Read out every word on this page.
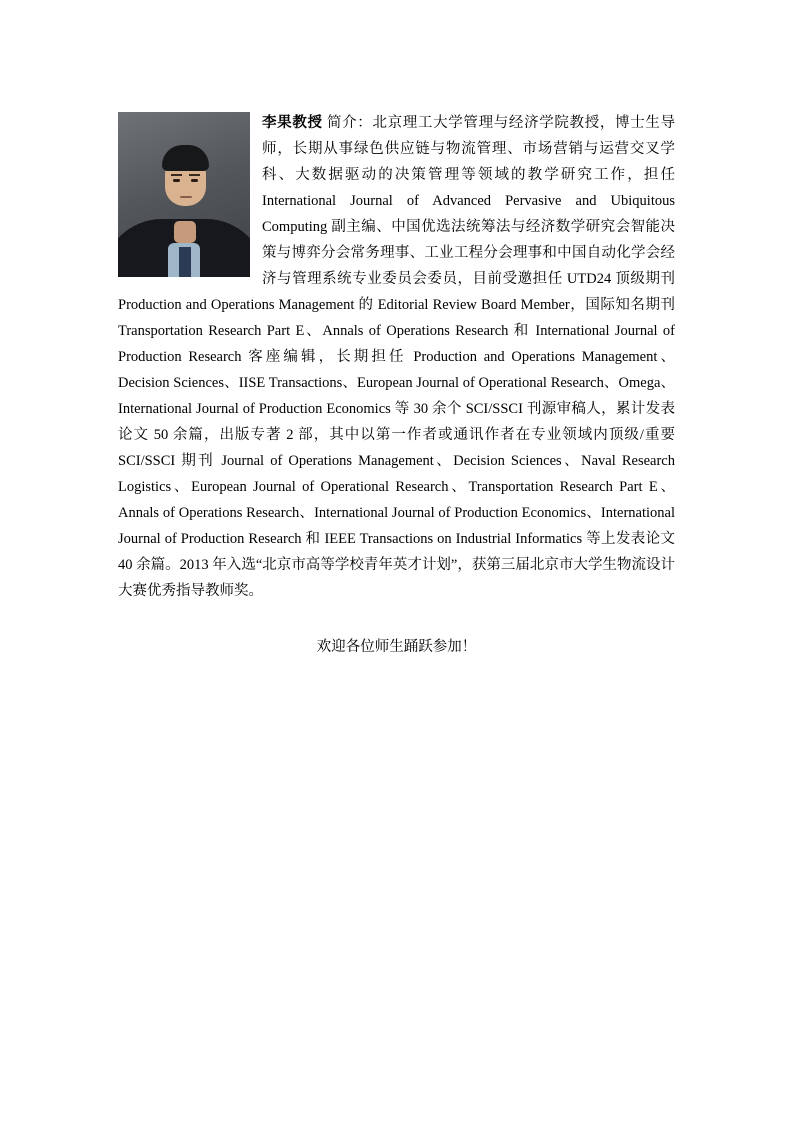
李果教授 简介：北京理工大学管理与经济学院教授，博士生导师，长期从事绿色供应链与物流管理、市场营销与运营交叉学科、大数据驱动的决策管理等领域的教学研究工作，担任 International Journal of Advanced Pervasive and Ubiquitous Computing 副主编、中国优选法统筹法与经济数学研究会智能决策与博弈分会常务理事、工业工程分会理事和中国自动化学会经济与管理系统专业委员会委员，目前受邀担任 UTD24 顶级期刊 Production and Operations Management 的 Editorial Review Board Member，国际知名期刊 Transportation Research Part E、Annals of Operations Research 和 International Journal of Production Research 客座编辑，长期担任 Production and Operations Management、Decision Sciences、IISE Transactions、European Journal of Operational Research、Omega、International Journal of Production Economics 等 30 余个 SCI/SSCI 刊源审稿人，累计发表论文 50 余篇，出版专著 2 部，其中以第一作者或通讯作者在专业领域内顶级/重要 SCI/SSCI 期刊 Journal of Operations Management、Decision Sciences、Naval Research Logistics、European Journal of Operational Research、Transportation Research Part E、Annals of Operations Research、International Journal of Production Economics、International Journal of Production Research 和 IEEE Transactions on Industrial Informatics 等上发表论文 40 余篇。2013 年入选“北京市高等学校青年英才计划”，获第三届北京市大学生物流设计大赛优秀指导教师奖。

欢迎各位师生踊跃参加！
